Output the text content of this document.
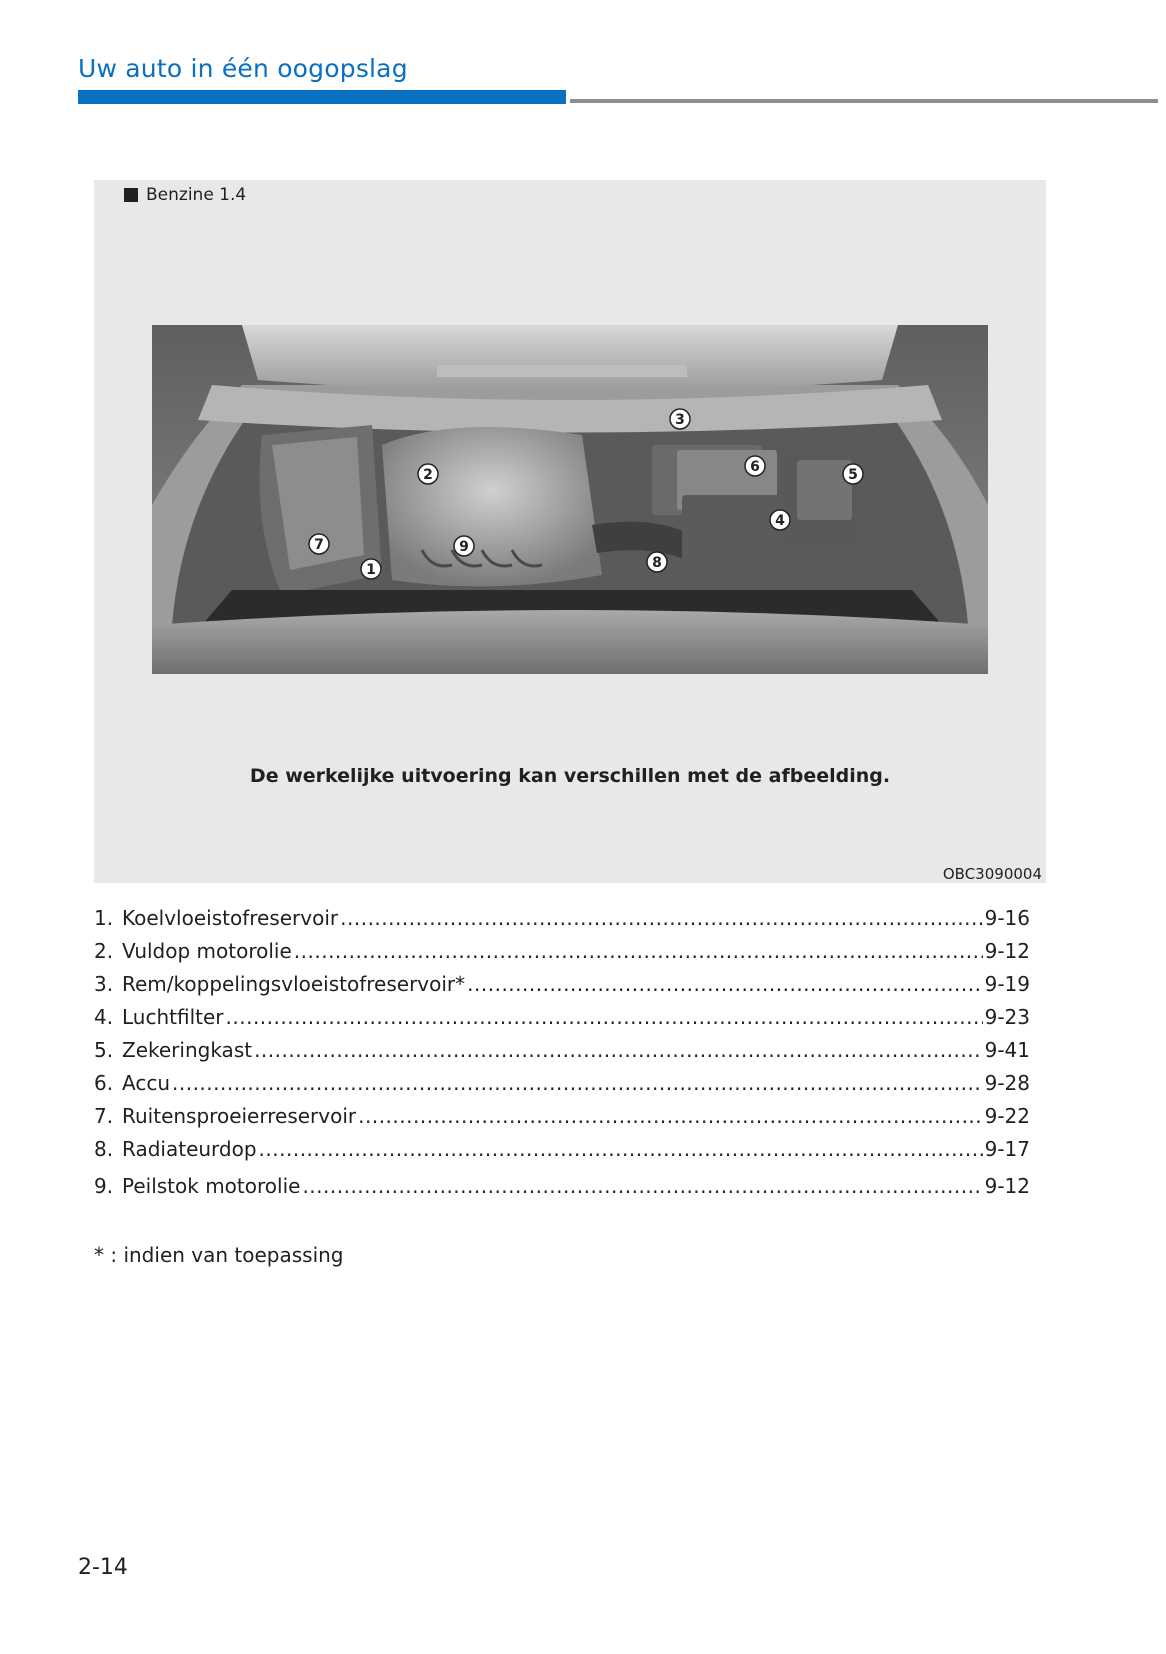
Uw auto in één oogopslag
Benzine 1.4
1
2
3
4
5
6
7
8
9
De werkelijke uitvoering kan verschillen met de afbeelding.
OBC3090004
1. Koelvloeistofreservoir .....	9-16
2. Vuldop motorolie .....	9-12
3. Rem/koppelingsvloeistofreservoir* .....	9-19
4. Luchtfilter .....	9-23
5. Zekeringkast .....	9-41
6. Accu .....	9-28
7. Ruitensproeierreservoir .....	9-22
8. Radiateurdop .....	9-17
9. Peilstok motorolie .....	9-12
* : indien van toepassing
2-14
